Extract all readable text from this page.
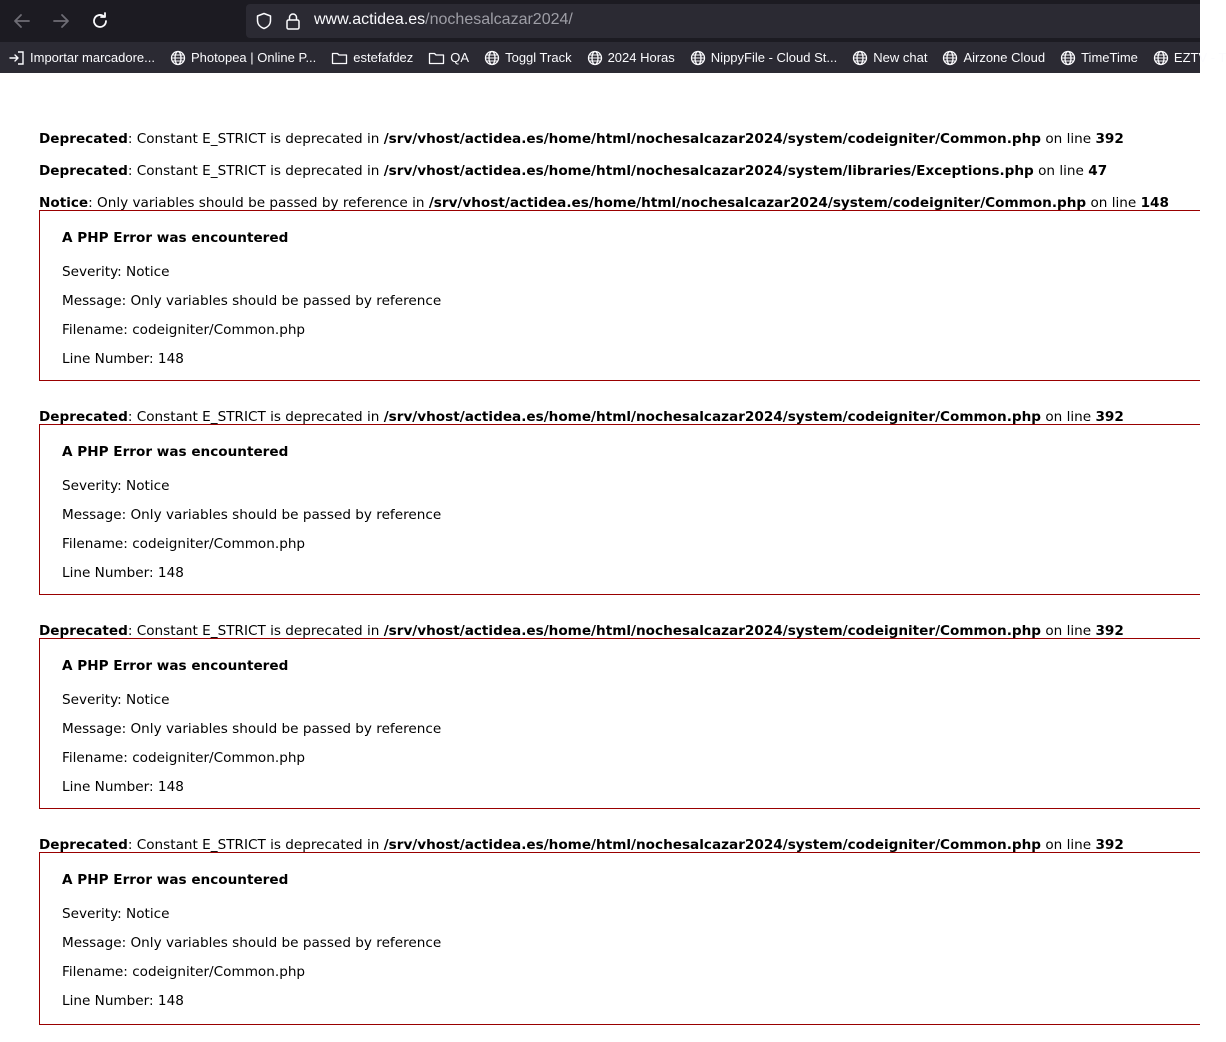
www.actidea.es/nochesalcazar2024/
Importar marcadore...	Photopea | Online P...	estefafdez	QA	Toggl Track	2024 Horas	NippyFile - Cloud St...	New chat	Airzone Cloud	TimeTime	EZTV - T

Deprecated: Constant E_STRICT is deprecated in /srv/vhost/actidea.es/home/html/nochesalcazar2024/system/codeigniter/Common.php on line 392

Deprecated: Constant E_STRICT is deprecated in /srv/vhost/actidea.es/home/html/nochesalcazar2024/system/libraries/Exceptions.php on line 47

Notice: Only variables should be passed by reference in /srv/vhost/actidea.es/home/html/nochesalcazar2024/system/codeigniter/Common.php on line 148

A PHP Error was encountered

Severity: Notice

Message: Only variables should be passed by reference

Filename: codeigniter/Common.php

Line Number: 148

Deprecated: Constant E_STRICT is deprecated in /srv/vhost/actidea.es/home/html/nochesalcazar2024/system/codeigniter/Common.php on line 392

A PHP Error was encountered

Severity: Notice

Message: Only variables should be passed by reference

Filename: codeigniter/Common.php

Line Number: 148

Deprecated: Constant E_STRICT is deprecated in /srv/vhost/actidea.es/home/html/nochesalcazar2024/system/codeigniter/Common.php on line 392

A PHP Error was encountered

Severity: Notice

Message: Only variables should be passed by reference

Filename: codeigniter/Common.php

Line Number: 148

Deprecated: Constant E_STRICT is deprecated in /srv/vhost/actidea.es/home/html/nochesalcazar2024/system/codeigniter/Common.php on line 392

A PHP Error was encountered

Severity: Notice

Message: Only variables should be passed by reference

Filename: codeigniter/Common.php

Line Number: 148
